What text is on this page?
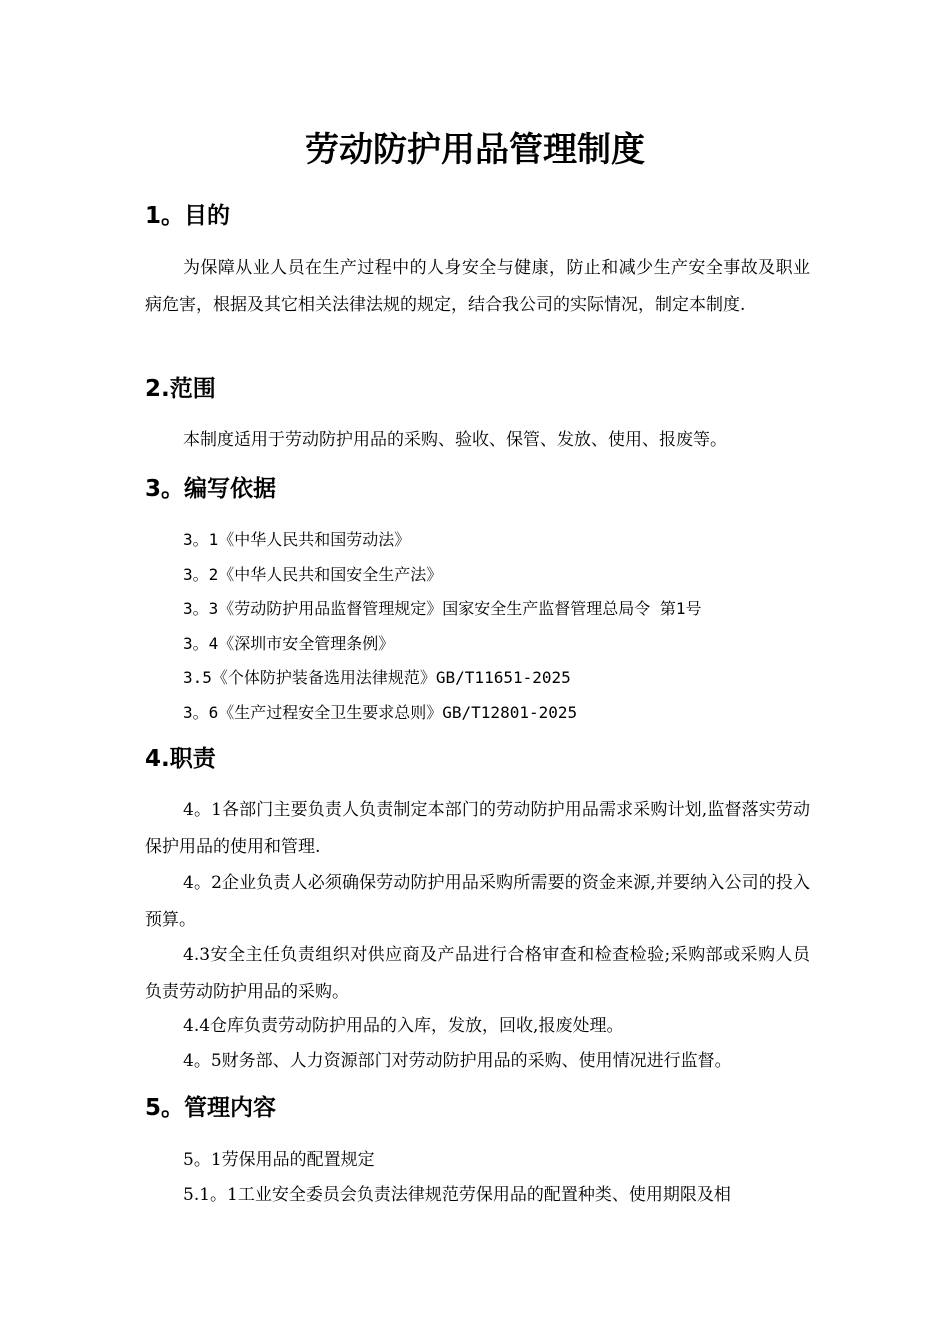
劳动防护用品管理制度
1。目的

为保障从业人员在生产过程中的人身安全与健康，防止和减少生产安全事故及职业病危害，根据及其它相关法律法规的规定，结合我公司的实际情况，制定本制度.

2.范围

本制度适用于劳动防护用品的采购、验收、保管、发放、使用、报废等。

3。编写依据

3。1《中华人民共和国劳动法》

3。2《中华人民共和国安全生产法》

3。3《劳动防护用品监督管理规定》国家安全生产监督管理总局令 第1号

3。4《深圳市安全管理条例》

3.5《个体防护装备选用法律规范》GB/T11651-2025

3。6《生产过程安全卫生要求总则》GB/T12801-2025

4.职责

4。1各部门主要负责人负责制定本部门的劳动防护用品需求采购计划,监督落实劳动保护用品的使用和管理.

4。2企业负责人必须确保劳动防护用品采购所需要的资金来源,并要纳入公司的投入预算。

4.3安全主任负责组织对供应商及产品进行合格审查和检查检验;采购部或采购人员负责劳动防护用品的采购。

4.4仓库负责劳动防护用品的入库，发放，回收,报废处理。

4。5财务部、人力资源部门对劳动防护用品的采购、使用情况进行监督。

5。管理内容

5。1劳保用品的配置规定

5.1。1工业安全委员会负责法律规范劳保用品的配置种类、使用期限及相
